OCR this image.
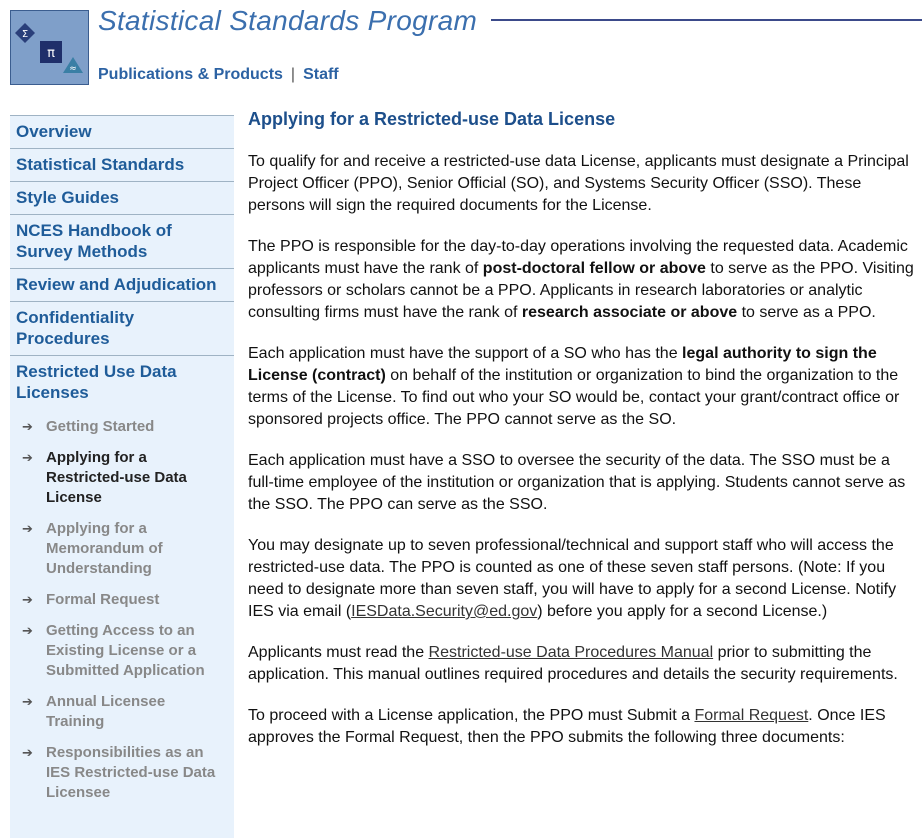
Σ
π
≈
Statistical Standards Program
Publications & Products | Staff
Overview
Statistical Standards
Style Guides
NCES Handbook of Survey Methods
Review and Adjudication
Confidentiality Procedures
Restricted Use Data Licenses
➔ Getting Started
➔ Applying for a Restricted-use Data License
➔ Applying for a Memorandum of Understanding
➔ Formal Request
➔ Getting Access to an Existing License or a Submitted Application
➔ Annual Licensee Training
➔ Responsibilities as an IES Restricted-use Data Licensee
Applying for a Restricted-use Data License

To qualify for and receive a restricted-use data License, applicants must designate a Principal Project Officer (PPO), Senior Official (SO), and Systems Security Officer (SSO). These persons will sign the required documents for the License.

The PPO is responsible for the day-to-day operations involving the requested data. Academic applicants must have the rank of post-doctoral fellow or above to serve as the PPO. Visiting professors or scholars cannot be a PPO. Applicants in research laboratories or analytic consulting firms must have the rank of research associate or above to serve as a PPO.

Each application must have the support of a SO who has the legal authority to sign the License (contract) on behalf of the institution or organization to bind the organization to the terms of the License. To find out who your SO would be, contact your grant/contract office or sponsored projects office. The PPO cannot serve as the SO.

Each application must have a SSO to oversee the security of the data. The SSO must be a full-time employee of the institution or organization that is applying. Students cannot serve as the SSO. The PPO can serve as the SSO.

You may designate up to seven professional/technical and support staff who will access the restricted-use data. The PPO is counted as one of these seven staff persons. (Note: If you need to designate more than seven staff, you will have to apply for a second License. Notify IES via email (IESData.Security@ed.gov) before you apply for a second License.)

Applicants must read the Restricted-use Data Procedures Manual prior to submitting the application. This manual outlines required procedures and details the security requirements.

To proceed with a License application, the PPO must Submit a Formal Request. Once IES approves the Formal Request, then the PPO submits the following three documents:
